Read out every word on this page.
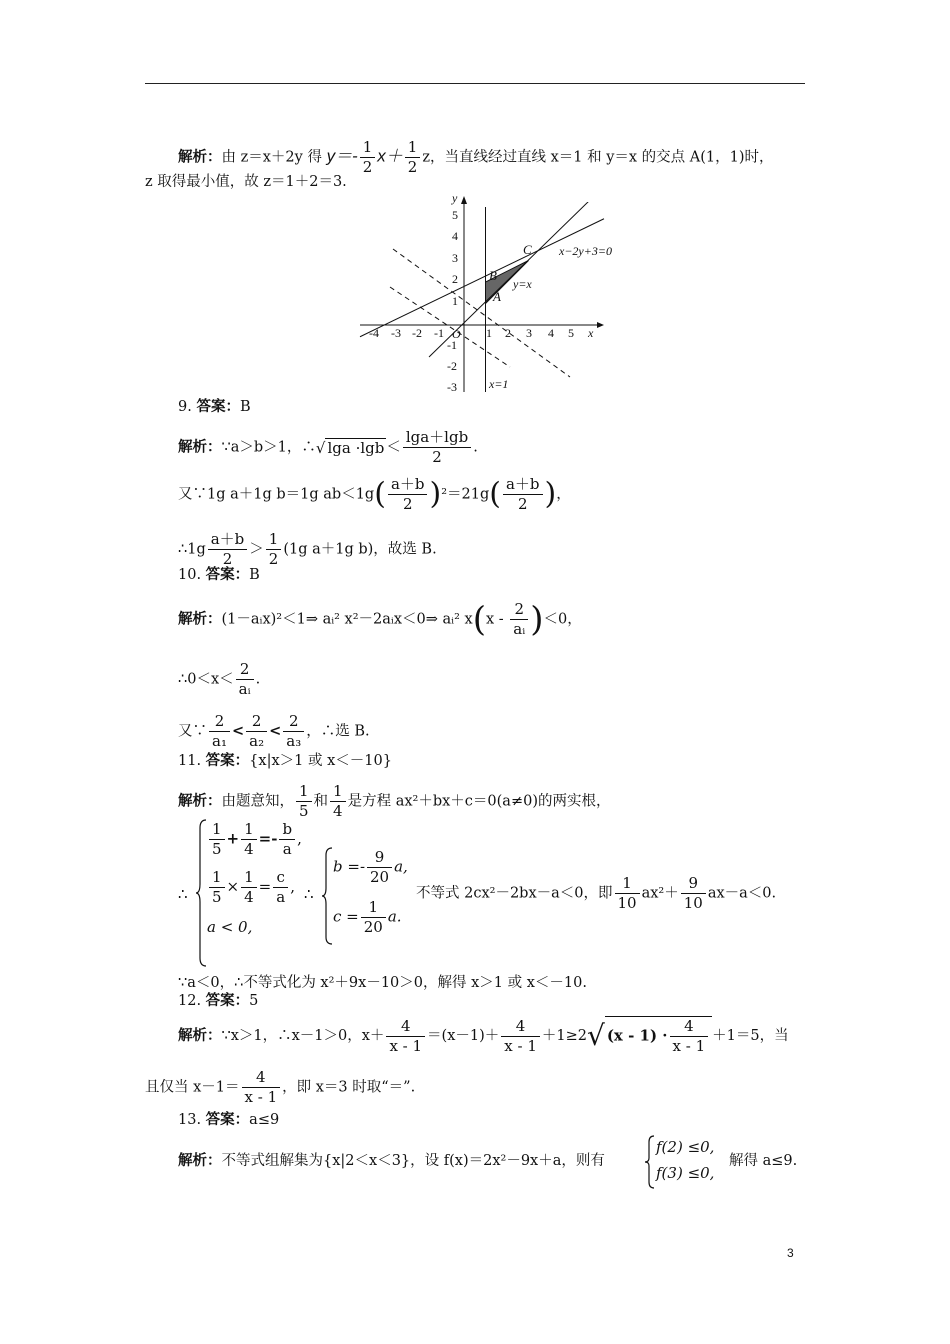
解析：由 z＝x＋2y 得 $y=- \frac{1}{2} x+ \frac{1}{2}$ z，当直线经过直线 x＝1 和 y＝x 的交点 A(1，1)时，
z 取得最小值，故 z＝1＋2＝3.
-4 -3 -2 -1	1 2 3 4 5 x
5
4
3
2
1
-1
-2
-3
y
O
B
A
C x−2y+3=0
y=x
x=1
9. 答案：B
解析：∵a＞b＞1，∴√ $\lg a \cdot\lg b < \frac{\lg a+\lg b}{2}$ .
又∵1g a＋1g b＝1g $ab<1g( \frac{a+b}{2} )^2=21g( \frac{a+b}{2}$ )，
∴1g $\frac{a+b}{2} > \frac{1}{2} (1g$ a＋1g b)，故选 B.
10. 答案：B
解析：(1－aᵢx)²＜1⇒ aᵢ² x²－2aᵢx＜0⇒ aᵢ² $x(x - \frac{2}{\text{aᵢ}} )<0$，
∴0＜x＜ $\frac{2}{\text{aᵢ}}$ .
又∵ $\frac{2}{\text{a₁}} < \frac{2}{\text{a₂}} < \frac{2}{\text{a₃}}$ ，∴选 B.
11. 答案：{x|x＞1 或 x＜－10}
解析：由题意知， $\frac{1}{5}$ 和 $\frac{1}{4}$ 是方程 ax²＋bx＋c＝0(a≠0)的两实根，
∴
$\frac{1}{5} + \frac{1}{4} =- \frac{b}{a}$ ,
$\frac{1}{5} \times \frac{1}{4} = \frac{c}{a}$ ,
a < 0,
∴
$b =- \frac{9}{20} a$,
$c = \frac{1}{20} a$.
不等式 2cx²－2bx－a＜0，即 $\frac{1}{10} ax^2+ \frac{9}{10} ax-a<0$.
∵a＜0，∴不等式化为 x²＋9x－10＞0，解得 x＞1 或 x＜－10.
12. 答案：5
解析：∵x＞1，∴x－1＞0，$x+ \frac{4}{x - 1} =(x-1)+ \frac{4}{x - 1} +1\ge 2√$ $(x - 1) \cdot \frac{4}{x - 1} +1=5$，当
且仅当 $x-1= \frac{4}{x - 1}$ ，即 x＝3 时取“＝”.
13. 答案：a≤9
解析：不等式组解集为{x|2＜x＜3}，设 f(x)＝2x²－9x＋a，则有
f(2) ≤0,
f(3) ≤0,
解得 a≤9.
3
